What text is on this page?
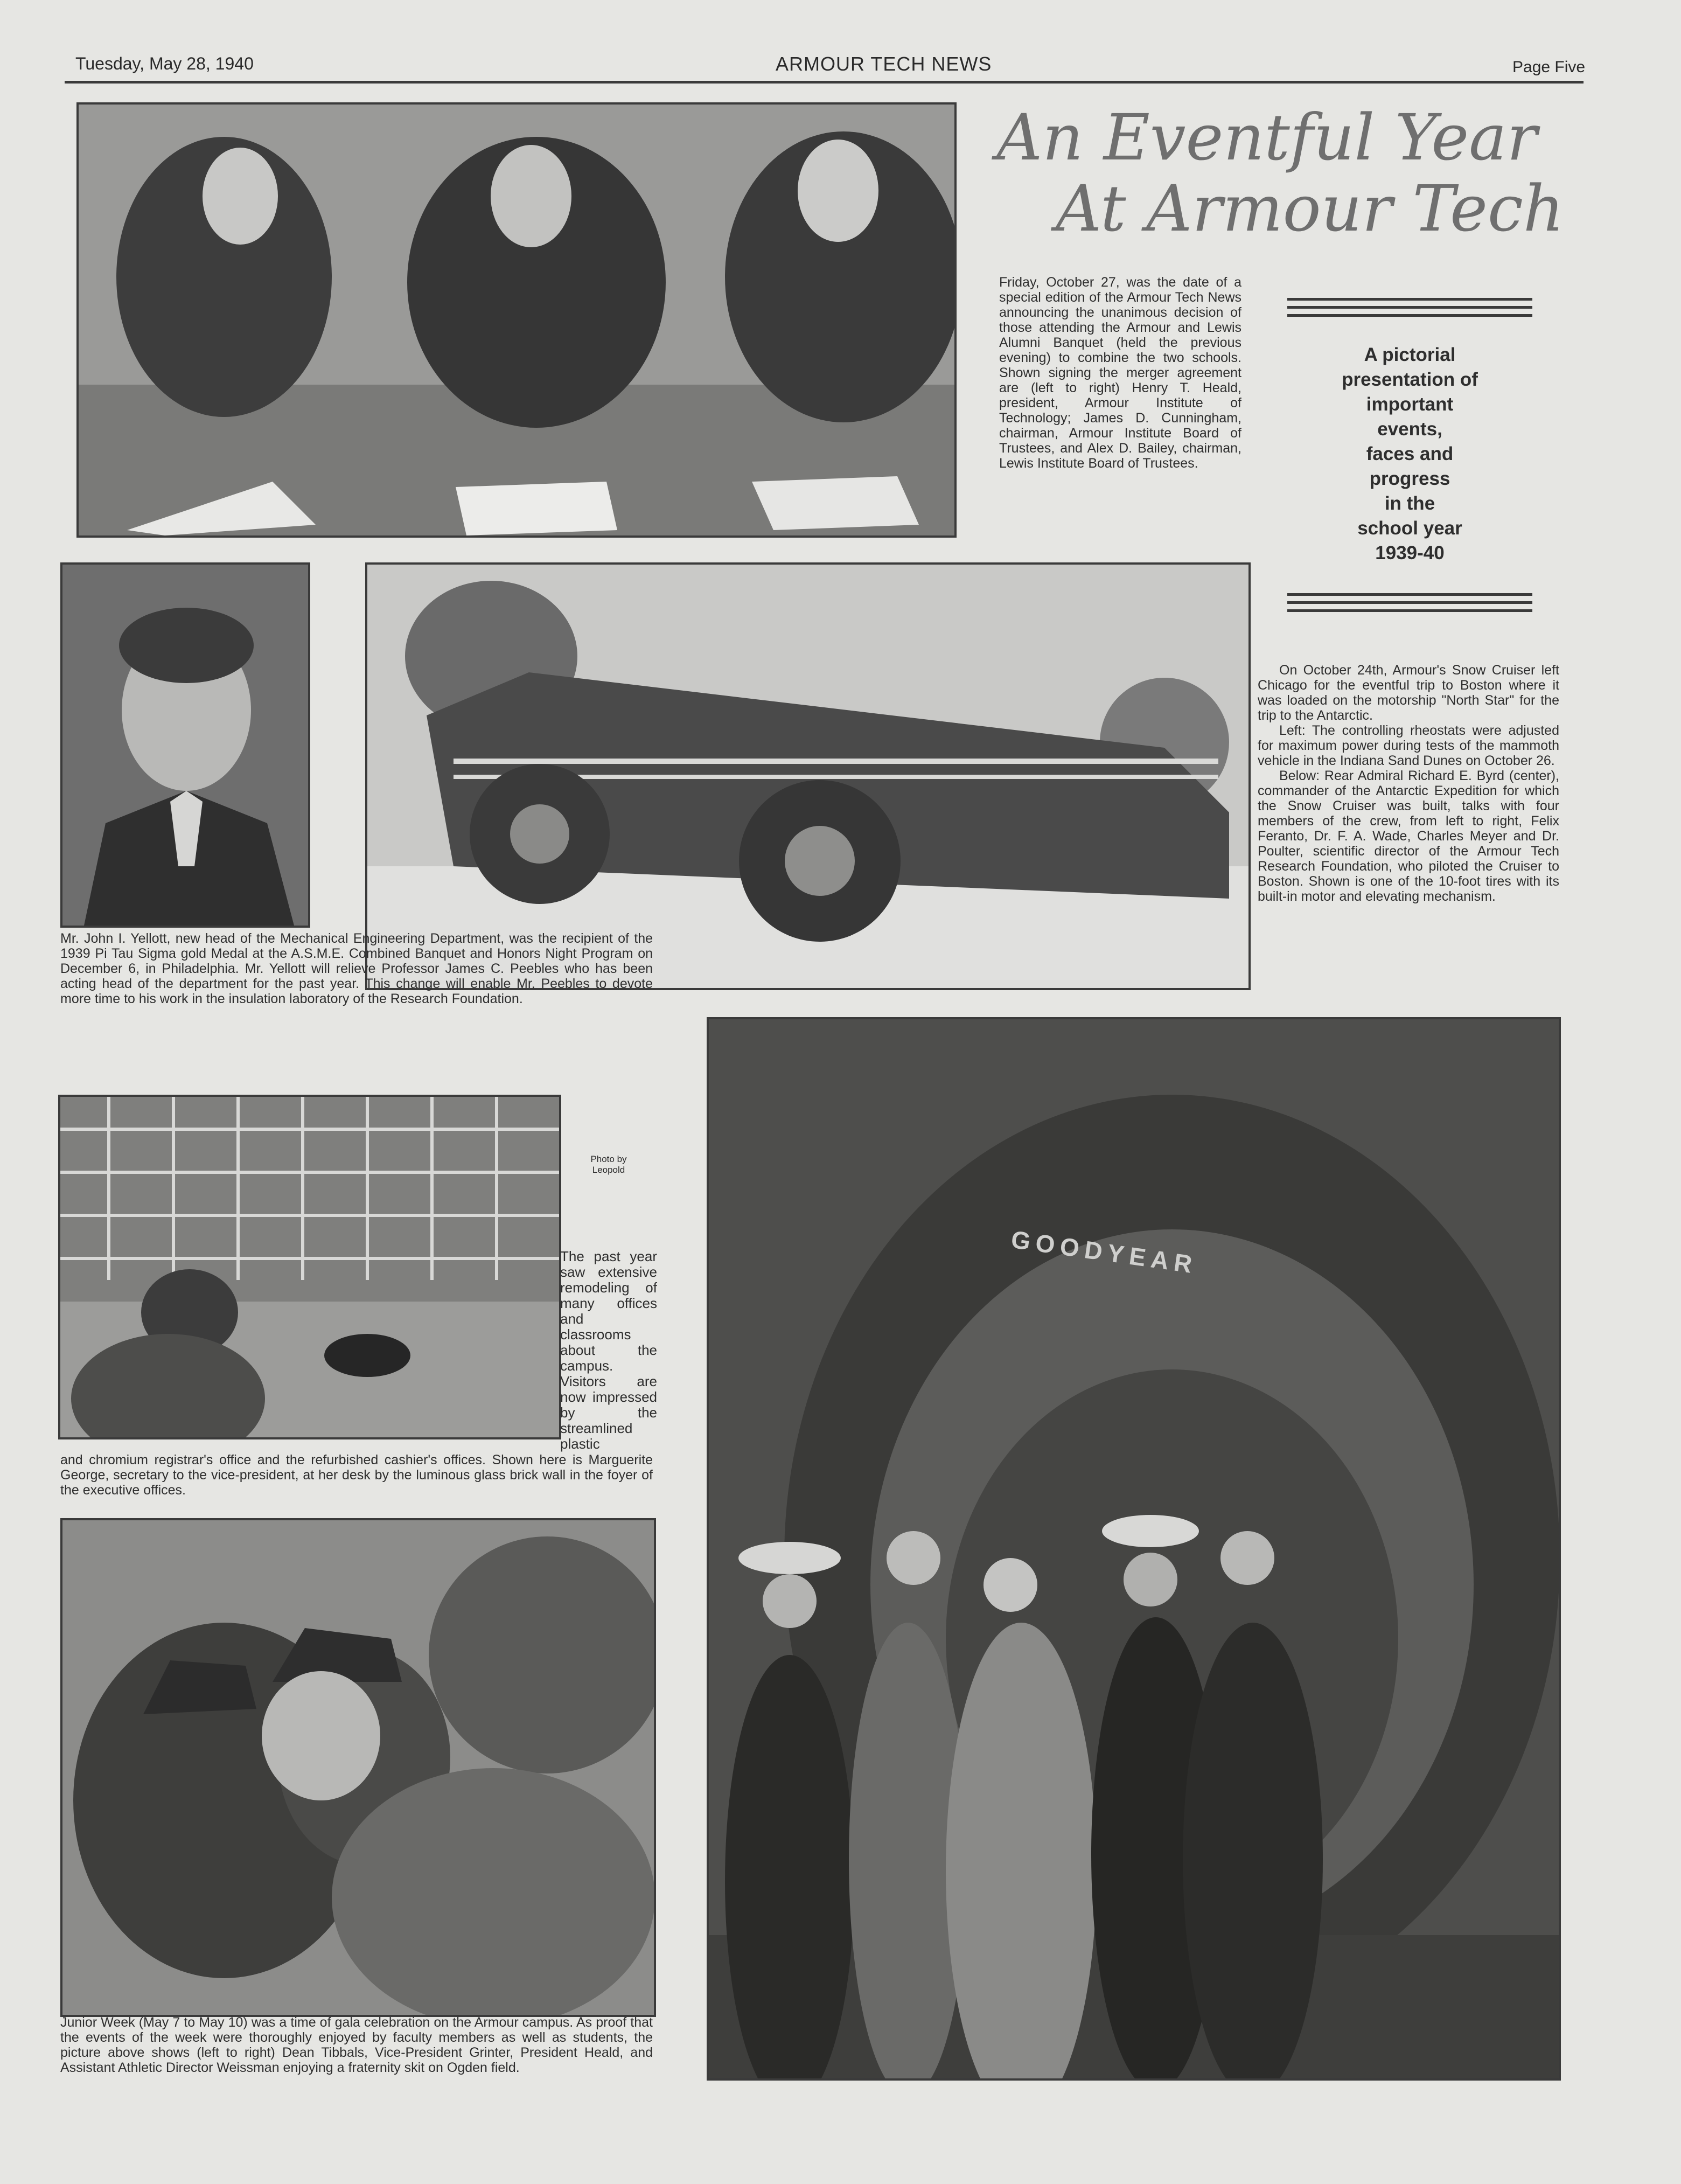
Tuesday, May 28, 1940	ARMOUR TECH NEWS	Page Five
An Eventful Year
At Armour Tech
Friday, October 27, was the date of a special edition of the Armour Tech News announcing the unanimous decision of those attending the Armour and Lewis Alumni Banquet (held the previous evening) to combine the two schools. Shown signing the merger agreement are (left to right) Henry T. Heald, president, Armour Institute of Technology; James D. Cunningham, chairman, Armour Institute Board of Trustees, and Alex D. Bailey, chairman, Lewis Institute Board of Trustees.
A pictorial
presentation of
important
events,
faces and
progress
in the
school year
1939-40
On October 24th, Armour's Snow Cruiser left Chicago for the eventful trip to Boston where it was loaded on the motorship "North Star" for the trip to the Antarctic.
Left: The controlling rheostats were adjusted for maximum power during tests of the mammoth vehicle in the Indiana Sand Dunes on October 26.
Below: Rear Admiral Richard E. Byrd (center), commander of the Antarctic Expedition for which the Snow Cruiser was built, talks with four members of the crew, from left to right, Felix Feranto, Dr. F. A. Wade, Charles Meyer and Dr. Poulter, scientific director of the Armour Tech Research Foundation, who piloted the Cruiser to Boston. Shown is one of the 10-foot tires with its built-in motor and elevating mechanism.
Mr. John I. Yellott, new head of the Mechanical Engineering Department, was the recipient of the 1939 Pi Tau Sigma gold Medal at the A.S.M.E. Combined Banquet and Honors Night Program on December 6, in Philadelphia. Mr. Yellott will relieve Professor James C. Peebles who has been acting head of the department for the past year. This change will enable Mr. Peebles to devote more time to his work in the insulation laboratory of the Research Foundation.
Photo by Leopold
The past year saw extensive remodeling of many offices and classrooms about the campus. Visitors are now impressed by the streamlined plastic
and chromium registrar's office and the refurbished cashier's offices. Shown here is Marguerite George, secretary to the vice-president, at her desk by the luminous glass brick wall in the foyer of the executive offices.
Junior Week (May 7 to May 10) was a time of gala celebration on the Armour campus. As proof that the events of the week were thoroughly enjoyed by faculty members as well as students, the picture above shows (left to right) Dean Tibbals, Vice-President Grinter, President Heald, and Assistant Athletic Director Weissman enjoying a fraternity skit on Ogden field.
GOODYEAR
